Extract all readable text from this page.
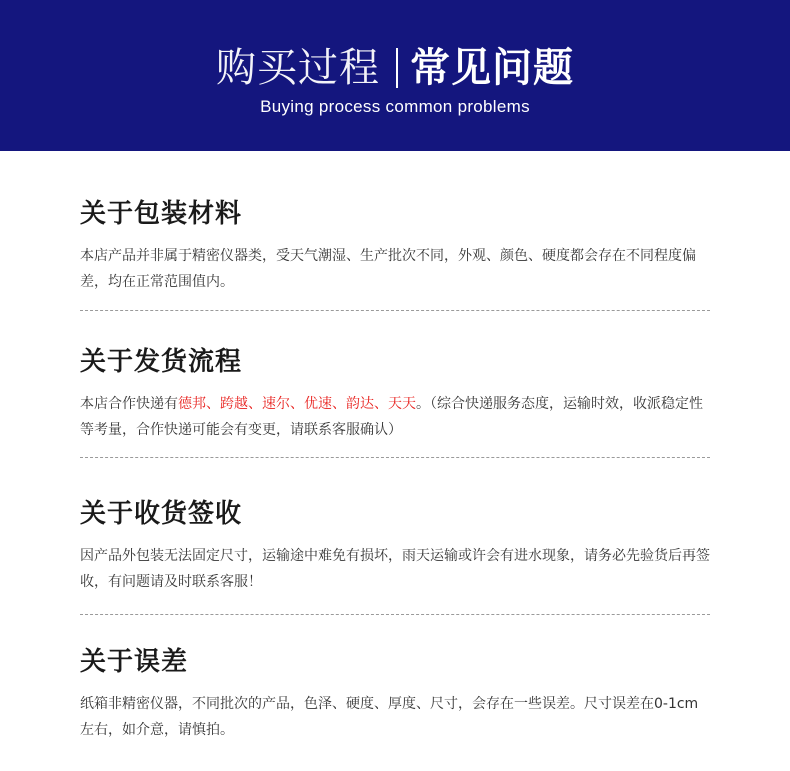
购买过程 常见问题
Buying process common problems
关于包装材料

本店产品并非属于精密仪器类，受天气潮湿、生产批次不同，外观、颜色、硬度都会存在不同程度偏差，均在正常范围值内。

关于发货流程

本店合作快递有德邦、跨越、速尔、优速、韵达、天天。（综合快递服务态度，运输时效，收派稳定性等考量，合作快递可能会有变更，请联系客服确认）

关于收货签收

因产品外包装无法固定尺寸，运输途中难免有损坏，雨天运输或许会有进水现象，请务必先验货后再签收，有问题请及时联系客服！

关于误差

纸箱非精密仪器，不同批次的产品，色泽、硬度、厚度、尺寸，会存在一些误差。尺寸误差在0-1cm左右，如介意，请慎拍。
